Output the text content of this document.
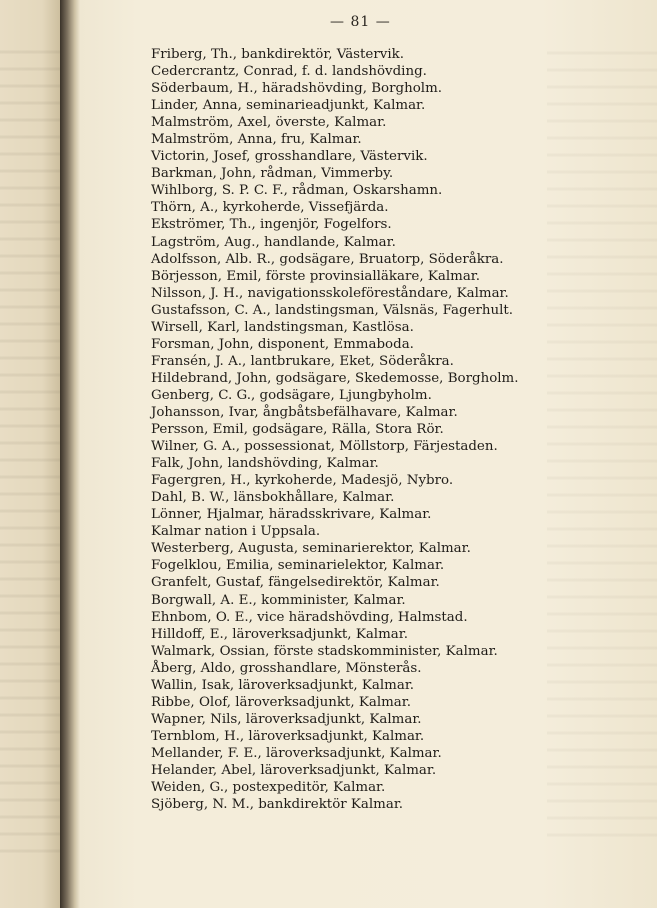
— 81 —
Friberg, Th., bankdirektör, Västervik.
Cedercrantz, Conrad, f. d. landshövding.
Söderbaum, H., häradshövding, Borgholm.
Linder, Anna, seminarieadjunkt, Kalmar.
Malmström, Axel, överste, Kalmar.
Malmström, Anna, fru, Kalmar.
Victorin, Josef, grosshandlare, Västervik.
Barkman, John, rådman, Vimmerby.
Wihlborg, S. P. C. F., rådman, Oskarshamn.
Thörn, A., kyrkoherde, Vissefjärda.
Ekströmer, Th., ingenjör, Fogelfors.
Lagström, Aug., handlande, Kalmar.
Adolfsson, Alb. R., godsägare, Bruatorp, Söderåkra.
Börjesson, Emil, förste provinsialläkare, Kalmar.
Nilsson, J. H., navigationsskoleföreståndare, Kalmar.
Gustafsson, C. A., landstingsman, Välsnäs, Fagerhult.
Wirsell, Karl, landstingsman, Kastlösa.
Forsman, John, disponent, Emmaboda.
Fransén, J. A., lantbrukare, Eket, Söderåkra.
Hildebrand, John, godsägare, Skedemosse, Borgholm.
Genberg, C. G., godsägare, Ljungbyholm.
Johansson, Ivar, ångbåtsbefälhavare, Kalmar.
Persson, Emil, godsägare, Rälla, Stora Rör.
Wilner, G. A., possessionat, Möllstorp, Färjestaden.
Falk, John, landshövding, Kalmar.
Fagergren, H., kyrkoherde, Madesjö, Nybro.
Dahl, B. W., länsbokhållare, Kalmar.
Lönner, Hjalmar, häradsskrivare, Kalmar.
Kalmar nation i Uppsala.
Westerberg, Augusta, seminarierektor, Kalmar.
Fogelklou, Emilia, seminarielektor, Kalmar.
Granfelt, Gustaf, fängelsedirektör, Kalmar.
Borgwall, A. E., komminister, Kalmar.
Ehnbom, O. E., vice häradshövding, Halmstad.
Hilldoff, E., läroverksadjunkt, Kalmar.
Walmark, Ossian, förste stadskomminister, Kalmar.
Åberg, Aldo, grosshandlare, Mönsterås.
Wallin, Isak, läroverksadjunkt, Kalmar.
Ribbe, Olof, läroverksadjunkt, Kalmar.
Wapner, Nils, läroverksadjunkt, Kalmar.
Ternblom, H., läroverksadjunkt, Kalmar.
Mellander, F. E., läroverksadjunkt, Kalmar.
Helander, Abel, läroverksadjunkt, Kalmar.
Weiden, G., postexpeditör, Kalmar.
Sjöberg, N. M., bankdirektör Kalmar.
